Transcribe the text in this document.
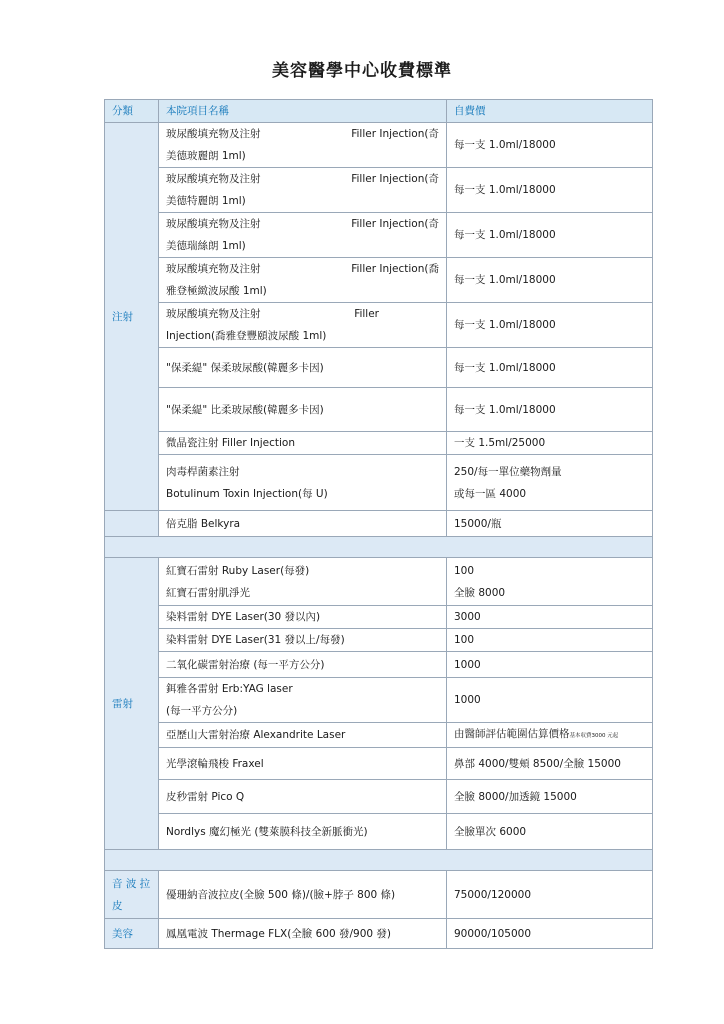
美容醫學中心收費標準
分類	本院項目名稱	自費價
注射	玻尿酸填充物及注射 Filler Injection(奇
美德玻麗朗 1ml)	每一支 1.0ml/18000

	玻尿酸填充物及注射 Filler Injection(奇
美德特麗朗 1ml)	每一支 1.0ml/18000

	玻尿酸填充物及注射 Filler Injection(奇
美德瑞絲朗 1ml)	每一支 1.0ml/18000

	玻尿酸填充物及注射 Filler Injection(喬
雅登極緻波尿酸 1ml)	每一支 1.0ml/18000

	玻尿酸填充物及注射 Filler
Injection(喬雅登豐頤波尿酸 1ml)	每一支 1.0ml/18000
	"保柔緹" 保柔玻尿酸(韓麗多卡因)	每一支 1.0ml/18000
	"保柔緹" 比柔玻尿酸(韓麗多卡因)	每一支 1.0ml/18000
	微晶瓷注射 Filler Injection	一支 1.5ml/25000

	肉毒桿菌素注射
Botulinum Toxin Injection(每 U)	250/每一單位藥物劑量
或每一區 4000

	倍克脂 Belkyra	15000/瓶

雷射	紅寶石雷射 Ruby Laser(每發)
紅寶石雷射肌淨光	100
全臉 8000

	染料雷射 DYE Laser(30 發以內)	3000
	染料雷射 DYE Laser(31 發以上/每發)	100
	二氧化碳雷射治療 (每一平方公分)	1000

	鉺雅各雷射 Erb:YAG laser
(每一平方公分)	1000
	亞歷山大雷射治療 Alexandrite Laser	由醫師評估範圍估算價格基本収費3000 元起
	光學滾輪飛梭 Fraxel	鼻部 4000/雙頰 8500/全臉 15000
	皮秒雷射 Pico Q	全臉 8000/加透鏡 15000
	Nordlys 魔幻極光 (雙萊膜科技全新脈衝光)	全臉單次 6000

音 波 拉 皮	優珊納音波拉皮(全臉 500 條)/(臉+脖子 800 條)	75000/120000
美容	鳳凰電波 Thermage FLX(全臉 600 發/900 發)	90000/105000
